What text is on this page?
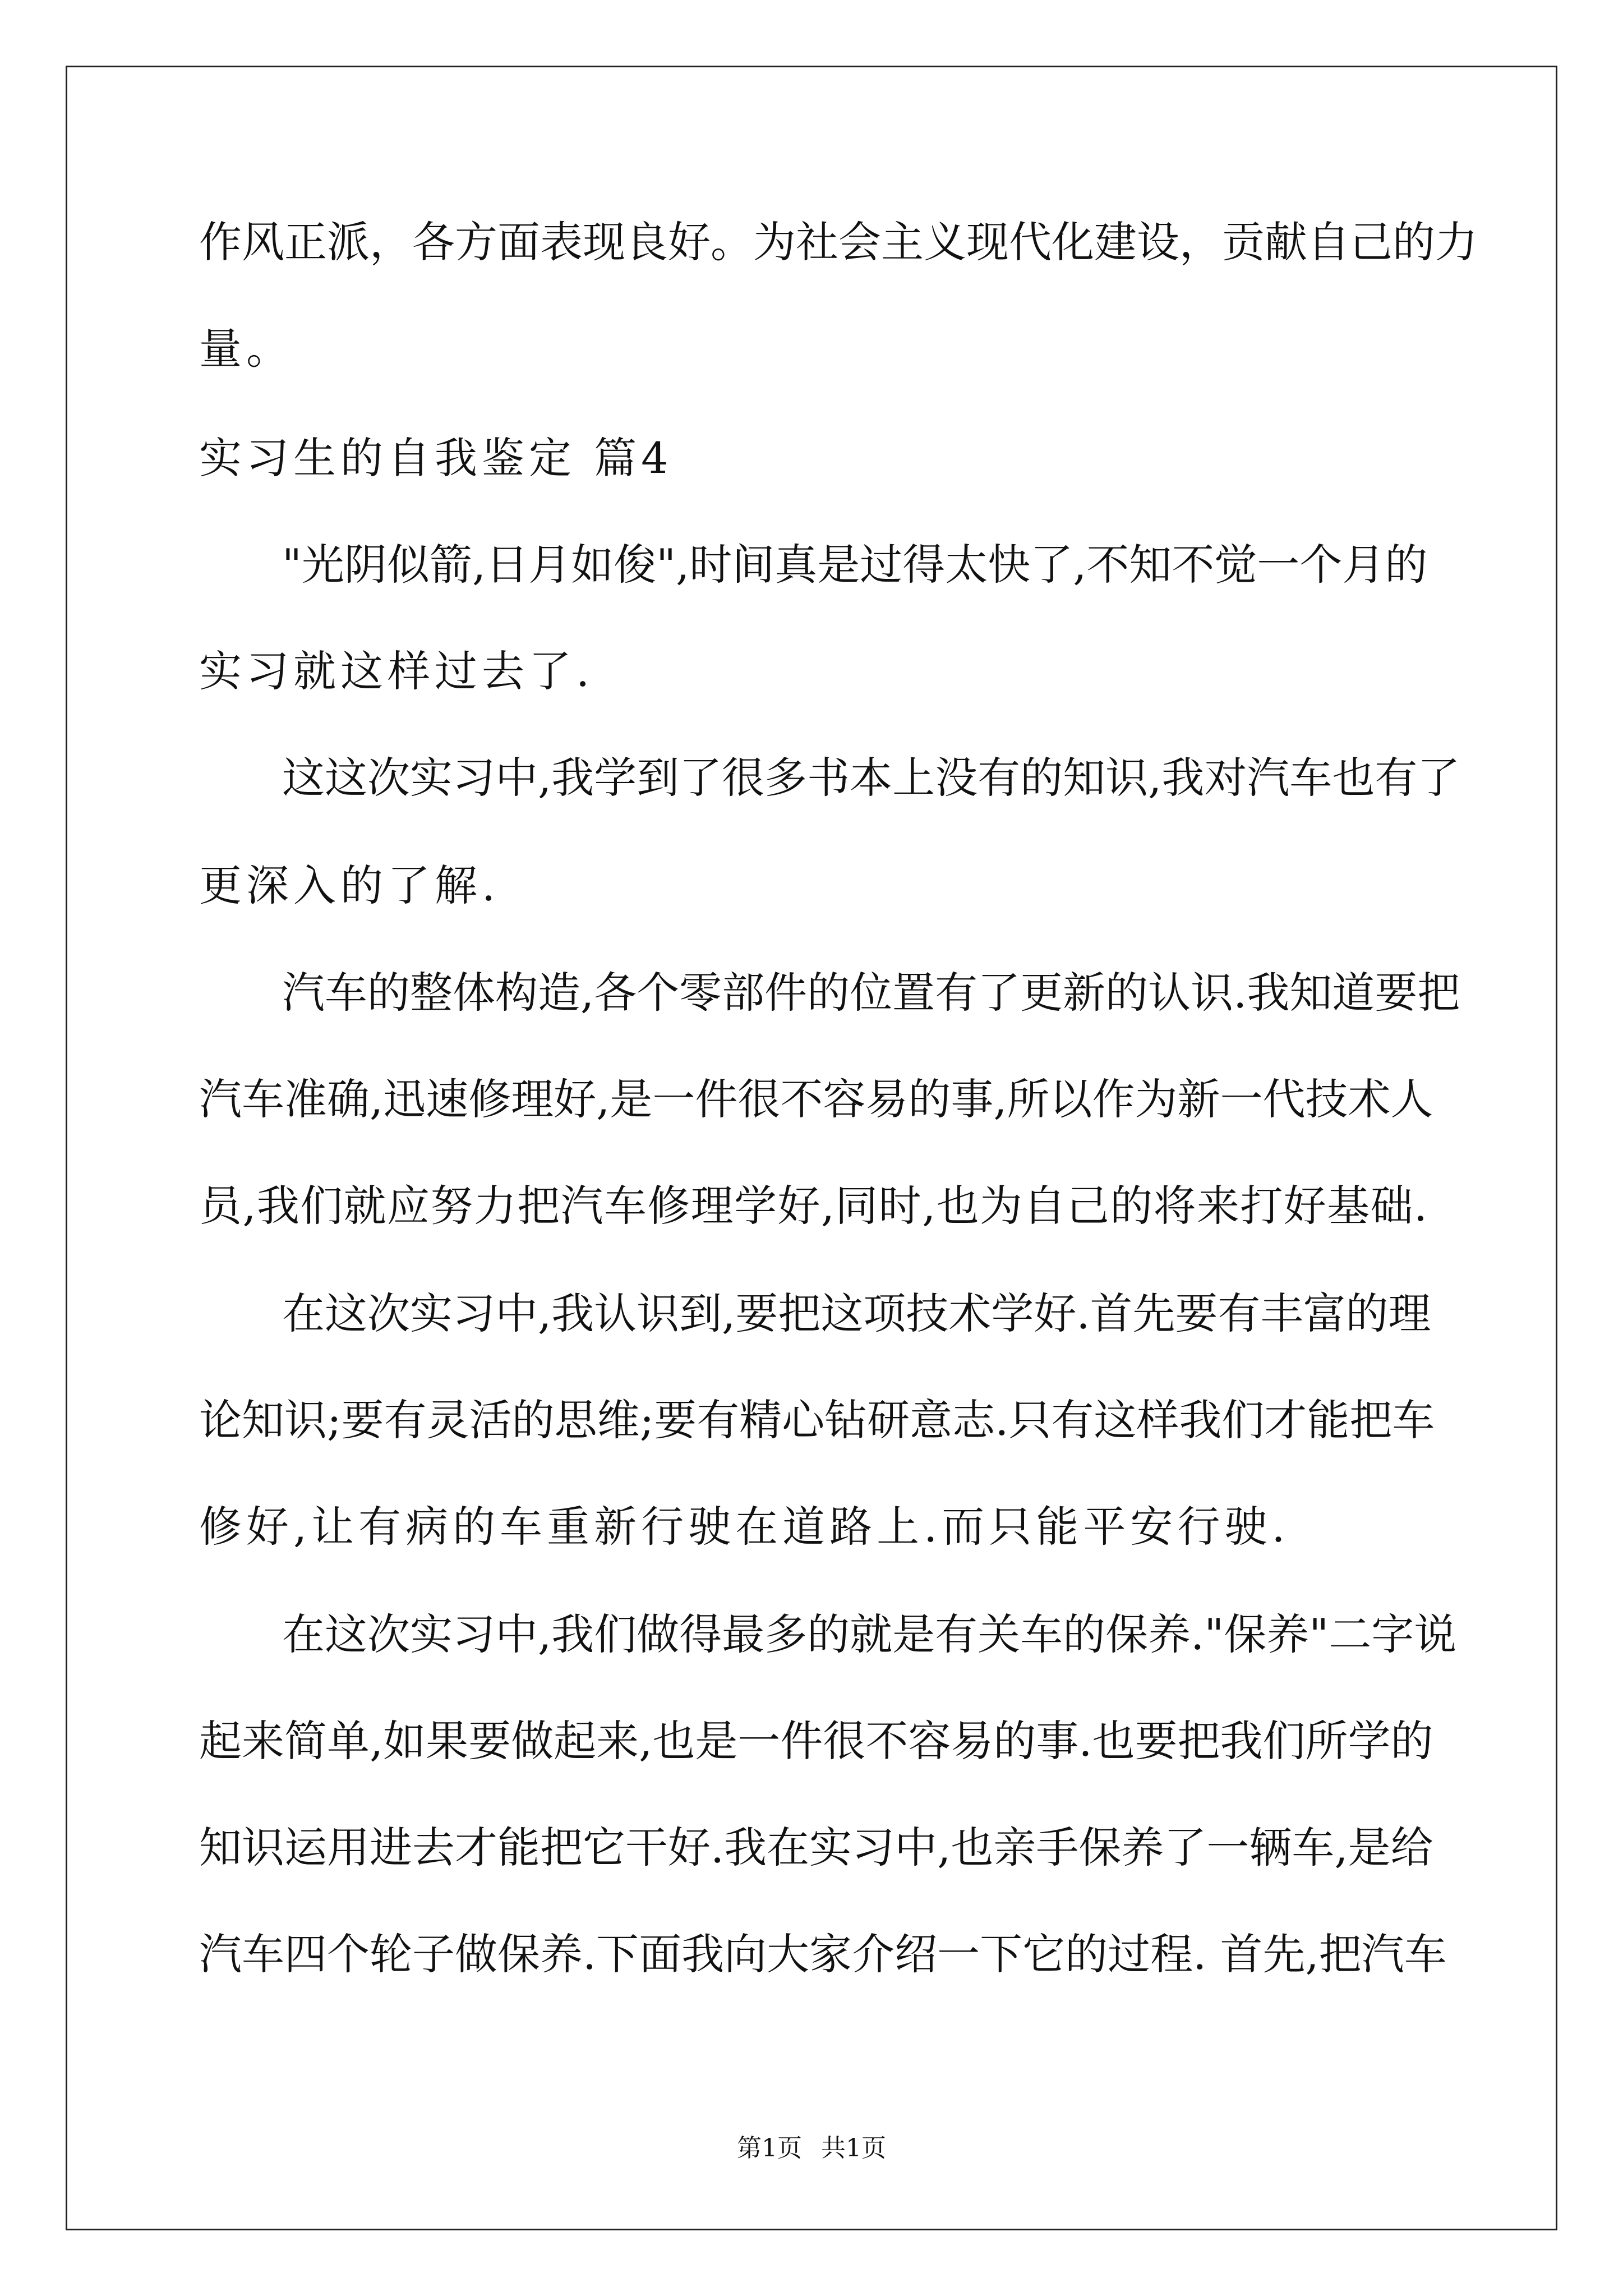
作风正派，各方面表现良好。为社会主义现代化建设，贡献自己的力
量。
实习生的自我鉴定 篇4
"光阴似箭,日月如俊",时间真是过得太快了,不知不觉一个月的
实习就这样过去了.
这这次实习中,我学到了很多书本上没有的知识,我对汽车也有了
更深入的了解.
汽车的整体构造,各个零部件的位置有了更新的认识.我知道要把
汽车准确,迅速修理好,是一件很不容易的事,所以作为新一代技术人
员,我们就应努力把汽车修理学好,同时,也为自己的将来打好基础.
在这次实习中,我认识到,要把这项技术学好.首先要有丰富的理
论知识;要有灵活的思维;要有精心钻研意志.只有这样我们才能把车
修好,让有病的车重新行驶在道路上.而只能平安行驶.
在这次实习中,我们做得最多的就是有关车的保养."保养"二字说
起来简单,如果要做起来,也是一件很不容易的事.也要把我们所学的
知识运用进去才能把它干好.我在实习中,也亲手保养了一辆车,是给
汽车四个轮子做保养.下面我向大家介绍一下它的过程. 首先,把汽车
第1页 共1页
